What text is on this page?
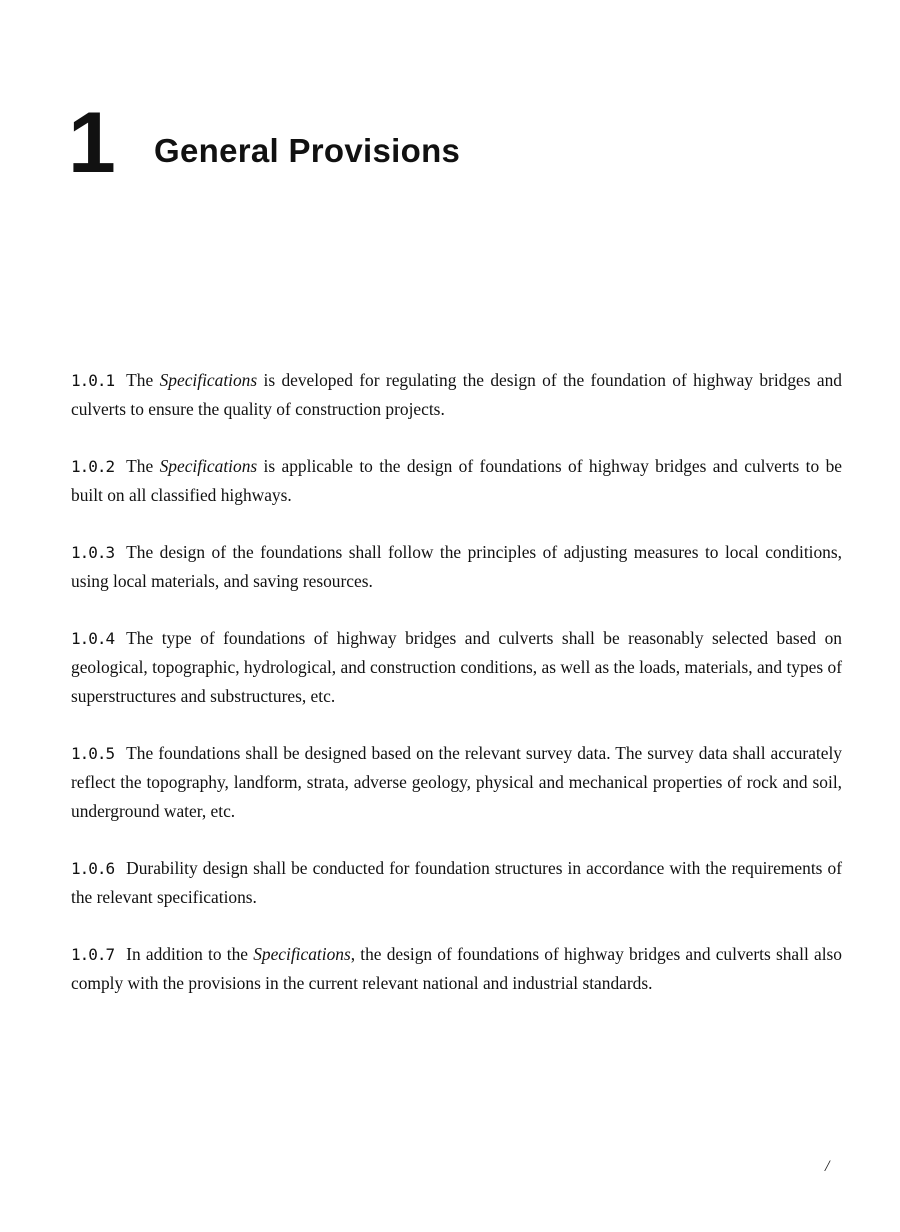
1 General Provisions

1.0.1 The Specifications is developed for regulating the design of the foundation of highway bridges and culverts to ensure the quality of construction projects.

1.0.2 The Specifications is applicable to the design of foundations of highway bridges and culverts to be built on all classified highways.

1.0.3 The design of the foundations shall follow the principles of adjusting measures to local conditions, using local materials, and saving resources.

1.0.4 The type of foundations of highway bridges and culverts shall be reasonably selected based on geological, topographic, hydrological, and construction conditions, as well as the loads, materials, and types of superstructures and substructures, etc.

1.0.5 The foundations shall be designed based on the relevant survey data. The survey data shall accurately reflect the topography, landform, strata, adverse geology, physical and mechanical properties of rock and soil, underground water, etc.

1.0.6 Durability design shall be conducted for foundation structures in accordance with the requirements of the relevant specifications.

1.0.7 In addition to the Specifications, the design of foundations of highway bridges and culverts shall also comply with the provisions in the current relevant national and industrial standards.

/
